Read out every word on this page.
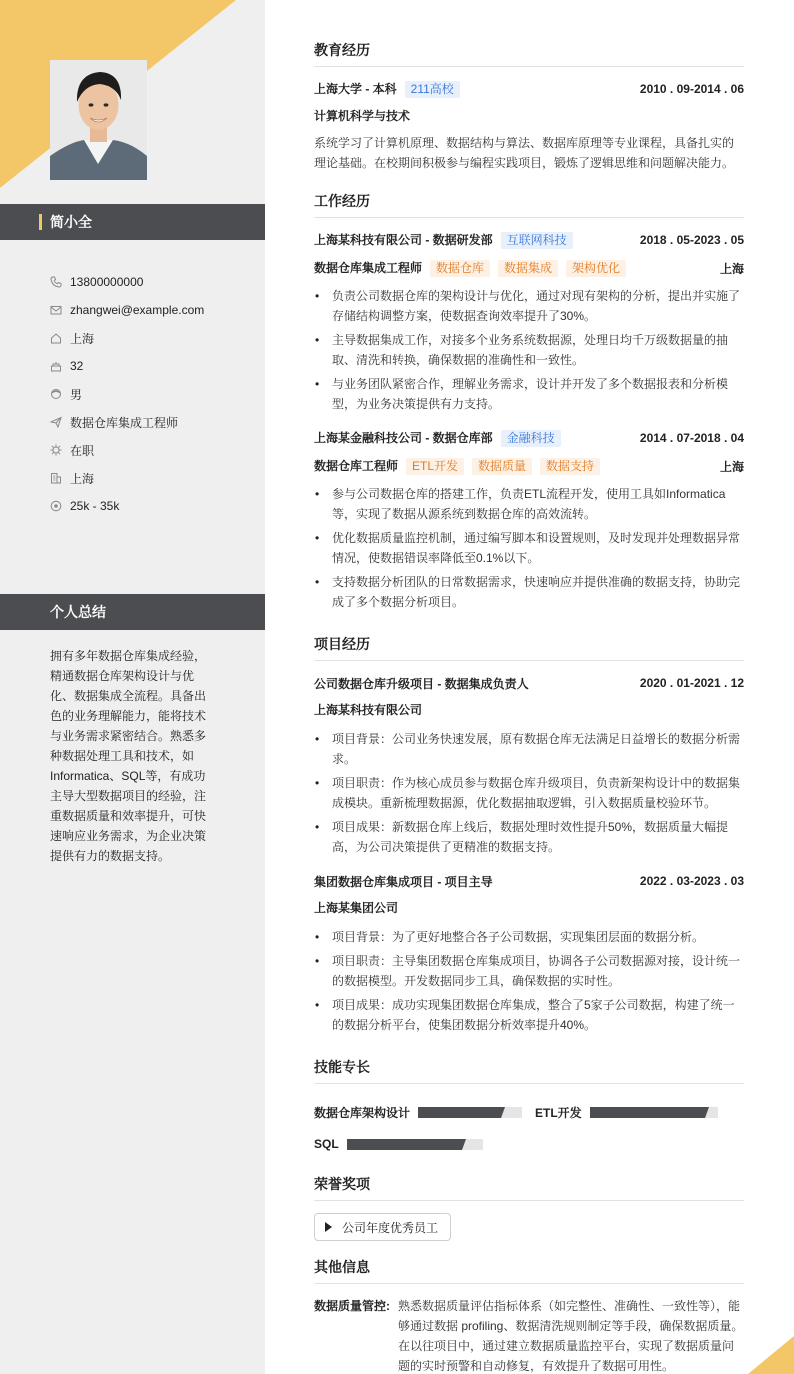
简小全
13800000000
zhangwei@example.com
上海
32
男
数据仓库集成工程师
在职
上海
25k - 35k
个人总结
拥有多年数据仓库集成经验，精通数据仓库架构设计与优化、数据集成全流程。具备出色的业务理解能力，能将技术与业务需求紧密结合。熟悉多种数据处理工具和技术，如Informatica、SQL等，有成功主导大型数据项目的经验，注重数据质量和效率提升，可快速响应业务需求，为企业决策提供有力的数据支持。
教育经历
上海大学 - 本科 211高校	2010 . 09-2014 . 06
计算机科学与技术
系统学习了计算机原理、数据结构与算法、数据库原理等专业课程，具备扎实的理论基础。在校期间积极参与编程实践项目，锻炼了逻辑思维和问题解决能力。
工作经历
上海某科技有限公司 - 数据研发部 互联网科技	2018 . 05-2023 . 05
数据仓库集成工程师 数据仓库 数据集成 架构优化	上海
• 负责公司数据仓库的架构设计与优化，通过对现有架构的分析，提出并实施了存储结构调整方案，使数据查询效率提升了30%。
• 主导数据集成工作，对接多个业务系统数据源，处理日均千万级数据量的抽取、清洗和转换，确保数据的准确性和一致性。
• 与业务团队紧密合作，理解业务需求，设计并开发了多个数据报表和分析模型，为业务决策提供有力支持。
上海某金融科技公司 - 数据仓库部 金融科技	2014 . 07-2018 . 04
数据仓库工程师 ETL开发 数据质量 数据支持	上海
• 参与公司数据仓库的搭建工作，负责ETL流程开发，使用工具如Informatica等，实现了数据从源系统到数据仓库的高效流转。
• 优化数据质量监控机制，通过编写脚本和设置规则，及时发现并处理数据异常情况，使数据错误率降低至0.1%以下。
• 支持数据分析团队的日常数据需求，快速响应并提供准确的数据支持，协助完成了多个数据分析项目。
项目经历
公司数据仓库升级项目 - 数据集成负责人	2020 . 01-2021 . 12
上海某科技有限公司
• 项目背景：公司业务快速发展，原有数据仓库无法满足日益增长的数据分析需求。
• 项目职责：作为核心成员参与数据仓库升级项目，负责新架构设计中的数据集成模块。重新梳理数据源，优化数据抽取逻辑，引入数据质量校验环节。
• 项目成果：新数据仓库上线后，数据处理时效性提升50%，数据质量大幅提高，为公司决策提供了更精准的数据支持。
集团数据仓库集成项目 - 项目主导	2022 . 03-2023 . 03
上海某集团公司
• 项目背景：为了更好地整合各子公司数据，实现集团层面的数据分析。
• 项目职责：主导集团数据仓库集成项目，协调各子公司数据源对接，设计统一的数据模型。开发数据同步工具，确保数据的实时性。
• 项目成果：成功实现集团数据仓库集成，整合了5家子公司数据，构建了统一的数据分析平台，使集团数据分析效率提升40%。
技能专长
数据仓库架构设计	ETL开发
SQL
荣誉奖项
公司年度优秀员工
其他信息
数据质量管控: 熟悉数据质量评估指标体系（如完整性、准确性、一致性等），能够通过数据 profiling、数据清洗规则制定等手段，确保数据质量。在以往项目中，通过建立数据质量监控平台，实现了数据质量问题的实时预警和自动修复，有效提升了数据可用性。
